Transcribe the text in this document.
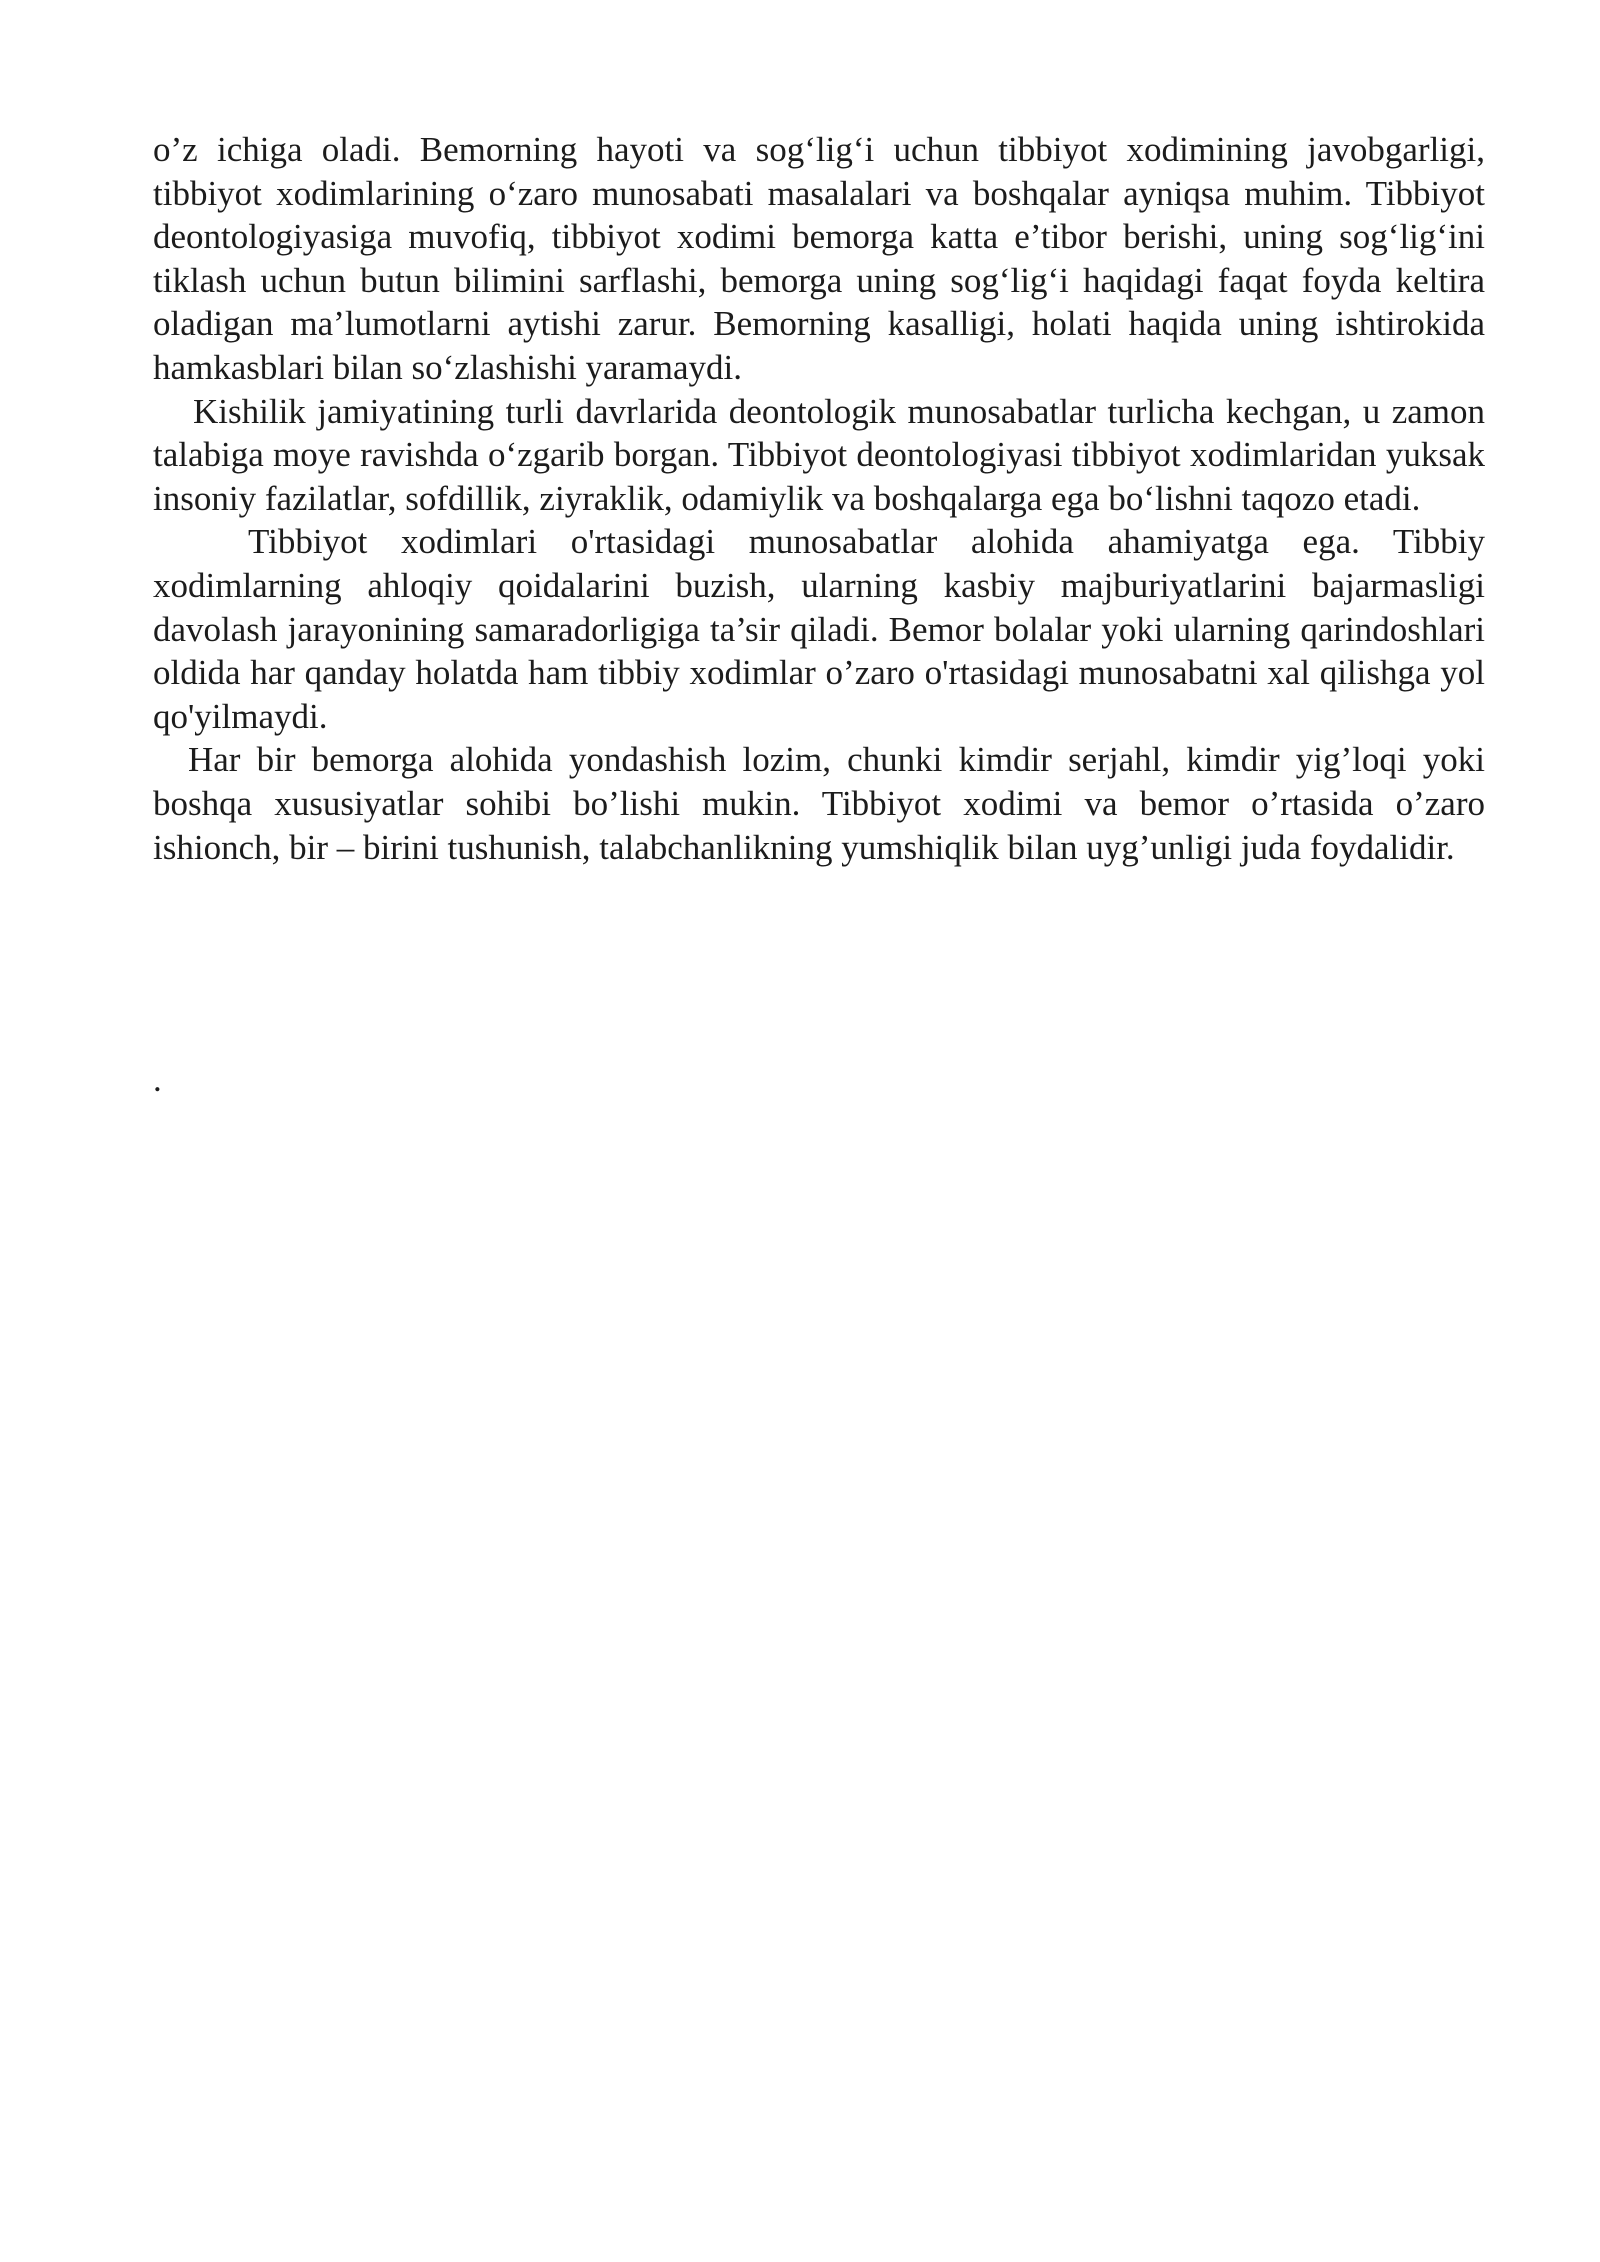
o’z ichiga oladi. Bemorning hayoti va sog‘lig‘i uchun tibbiyot xodimining javobgarligi, tibbiyot xodimlarining o‘zaro munosabati masalalari va boshqalar ayniqsa muhim. Tibbiyot deontologiyasiga muvofiq, tibbiyot xodimi bemorga katta e’tibor berishi, uning sog‘lig‘ini tiklash uchun butun bilimini sarflashi, bemorga uning sog‘lig‘i haqidagi faqat foyda keltira oladigan ma’lumotlarni aytishi zarur. Bemorning kasalligi, holati haqida uning ishtirokida hamkasblari bilan so‘zlashishi yaramaydi.

Kishilik jamiyatining turli davrlarida deontologik munosabatlar turlicha kechgan, u zamon talabiga moye ravishda o‘zgarib borgan. Tibbiyot deontologiyasi tibbiyot xodimlaridan yuksak insoniy fazilatlar, sofdillik, ziyraklik, odamiylik va boshqalarga ega bo‘lishni taqozo etadi.

Tibbiyot xodimlari o'rtasidagi munosabatlar alohida ahamiyatga ega. Tibbiy xodimlarning ahloqiy qoidalarini buzish, ularning kasbiy majburiyatlarini bajarmasligi davolash jarayonining samaradorligiga ta’sir qiladi. Bemor bolalar yoki ularning qarindoshlari oldida har qanday holatda ham tibbiy xodimlar o’zaro o'rtasidagi munosabatni xal qilishga yol qo'yilmaydi.

Har bir bemorga alohida yondashish lozim, chunki kimdir serjahl, kimdir yig’loqi yoki boshqa xususiyatlar sohibi bo’lishi mukin. Tibbiyot xodimi va bemor o’rtasida o’zaro ishionch, bir – birini tushunish, talabchanlikning yumshiqlik bilan uyg’unligi juda foydalidir.

.
